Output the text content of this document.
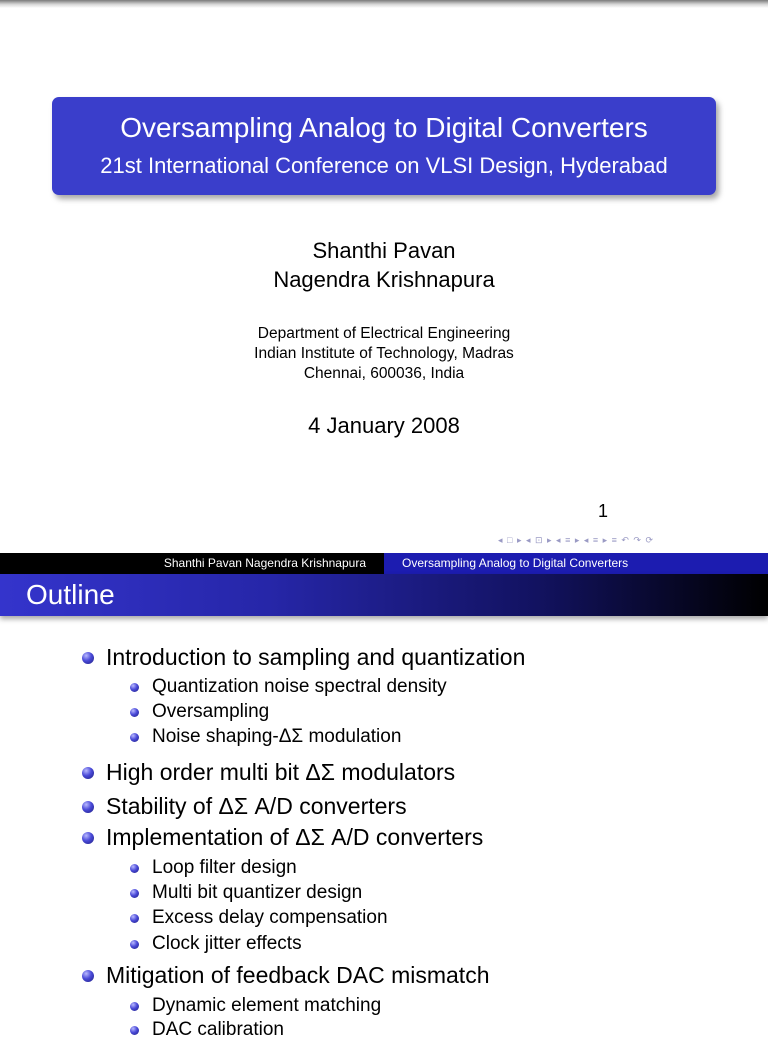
Oversampling Analog to Digital Converters
21st International Conference on VLSI Design, Hyderabad
Shanthi Pavan
Nagendra Krishnapura
Department of Electrical Engineering
Indian Institute of Technology, Madras
Chennai, 600036, India
4 January 2008
1
◂ □ ▸ ◂ ⊡ ▸ ◂ ≡ ▸ ◂ ≡ ▸ ≡ ↶ ↷ ⟳
Shanthi Pavan Nagendra Krishnapura	Oversampling Analog to Digital Converters
Outline
Introduction to sampling and quantization
Quantization noise spectral density
Oversampling
Noise shaping-ΔΣ modulation
High order multi bit ΔΣ modulators
Stability of ΔΣ A/D converters
Implementation of ΔΣ A/D converters
Loop filter design
Multi bit quantizer design
Excess delay compensation
Clock jitter effects
Mitigation of feedback DAC mismatch
Dynamic element matching
DAC calibration
